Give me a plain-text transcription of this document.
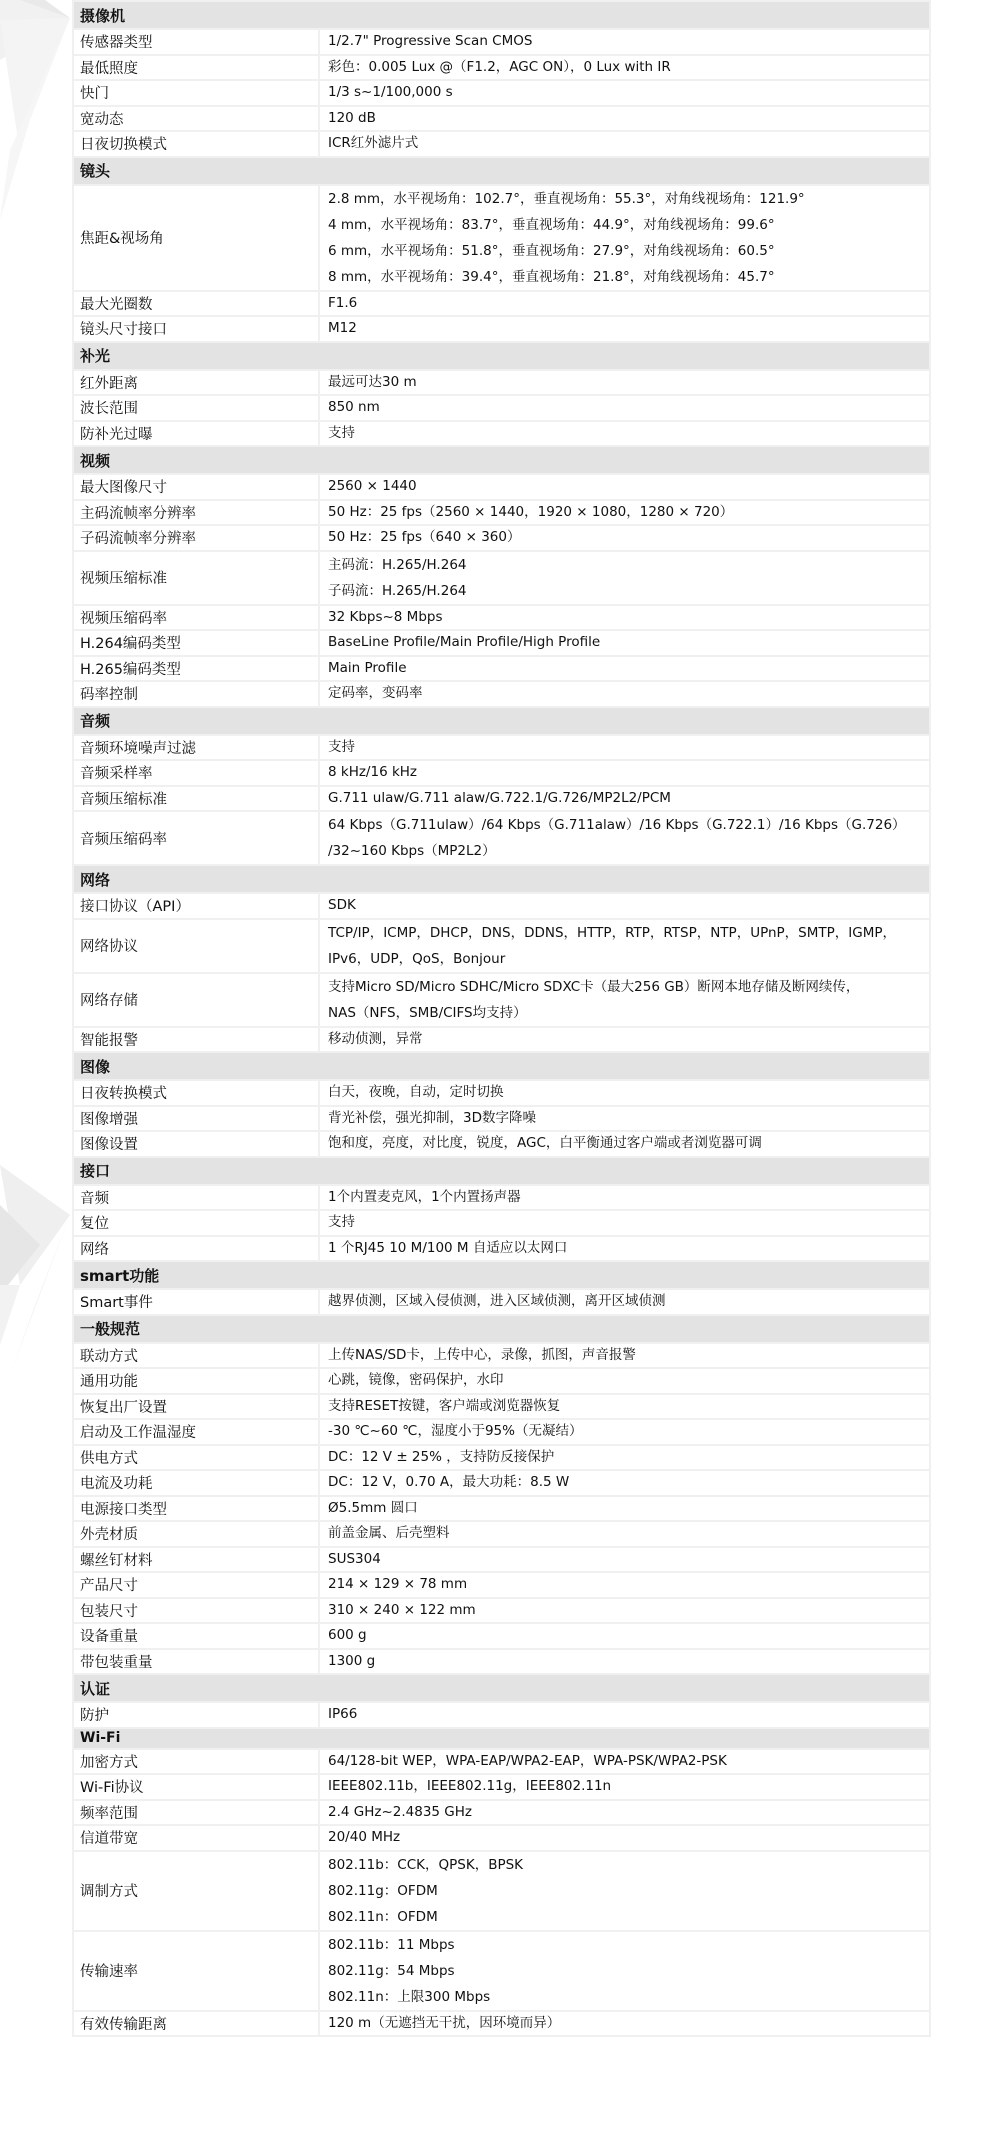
摄像机	
传感器类型	1/2.7" Progressive Scan CMOS

最低照度	彩色：0.005 Lux @（F1.2，AGC ON），0 Lux with IR

快门	1/3 s~1/100,000 s

宽动态	120 dB

日夜切换模式	ICR红外滤片式

镜头	
焦距&视场角	2.8 mm，水平视场角：102.7°，垂直视场角：55.3°，对角线视场角：121.9°
4 mm，水平视场角：83.7°，垂直视场角：44.9°，对角线视场角：99.6°
6 mm，水平视场角：51.8°，垂直视场角：27.9°，对角线视场角：60.5°
8 mm，水平视场角：39.4°，垂直视场角：21.8°，对角线视场角：45.7°

最大光圈数	F1.6

镜头尺寸接口	M12

补光	
红外距离	最远可达30 m

波长范围	850 nm

防补光过曝	支持

视频	
最大图像尺寸	2560 × 1440

主码流帧率分辨率	50 Hz：25 fps（2560 × 1440，1920 × 1080，1280 × 720）

子码流帧率分辨率	50 Hz：25 fps（640 × 360）

视频压缩标准	主码流：H.265/H.264
子码流：H.265/H.264

视频压缩码率	32 Kbps~8 Mbps

H.264编码类型	BaseLine Profile/Main Profile/High Profile

H.265编码类型	Main Profile

码率控制	定码率，变码率

音频	
音频环境噪声过滤	支持

音频采样率	8 kHz/16 kHz

音频压缩标准	G.711 ulaw/G.711 alaw/G.722.1/G.726/MP2L2/PCM

音频压缩码率	64 Kbps（G.711ulaw）/64 Kbps（G.711alaw）/16 Kbps（G.722.1）/16 Kbps（G.726）
/32~160 Kbps（MP2L2）

网络	
接口协议（API）	SDK

网络协议	TCP/IP，ICMP，DHCP，DNS，DDNS，HTTP，RTP，RTSP，NTP，UPnP，SMTP，IGMP，
IPv6，UDP，QoS，Bonjour

网络存储	支持Micro SD/Micro SDHC/Micro SDXC卡（最大256 GB）断网本地存储及断网续传，
NAS（NFS，SMB/CIFS均支持）

智能报警	移动侦测，异常

图像	
日夜转换模式	白天，夜晚，自动，定时切换

图像增强	背光补偿，强光抑制，3D数字降噪

图像设置	饱和度，亮度，对比度，锐度，AGC，白平衡通过客户端或者浏览器可调

接口	
音频	1个内置麦克风，1个内置扬声器

复位	支持

网络	1 个RJ45 10 M/100 M 自适应以太网口

smart功能	
Smart事件	越界侦测，区域入侵侦测，进入区域侦测，离开区域侦测

一般规范	
联动方式	上传NAS/SD卡，上传中心，录像，抓图，声音报警

通用功能	心跳，镜像，密码保护，水印

恢复出厂设置	支持RESET按键，客户端或浏览器恢复

启动及工作温湿度	-30 ℃~60 ℃，湿度小于95%（无凝结）

供电方式	DC：12 V ± 25% ，支持防反接保护

电流及功耗	DC：12 V，0.70 A，最大功耗：8.5 W

电源接口类型	Ø5.5mm 圆口

外壳材质	前盖金属、后壳塑料

螺丝钉材料	SUS304

产品尺寸	214 × 129 × 78 mm

包装尺寸	310 × 240 × 122 mm

设备重量	600 g

带包装重量	1300 g

认证	
防护	IP66

Wi-Fi	
加密方式	64/128-bit WEP，WPA-EAP/WPA2-EAP，WPA-PSK/WPA2-PSK

Wi-Fi协议	IEEE802.11b，IEEE802.11g，IEEE802.11n

频率范围	2.4 GHz~2.4835 GHz

信道带宽	20/40 MHz

调制方式	802.11b：CCK，QPSK，BPSK
802.11g：OFDM
802.11n：OFDM

传输速率	802.11b：11 Mbps
802.11g：54 Mbps
802.11n：上限300 Mbps

有效传输距离	120 m（无遮挡无干扰，因环境而异）
